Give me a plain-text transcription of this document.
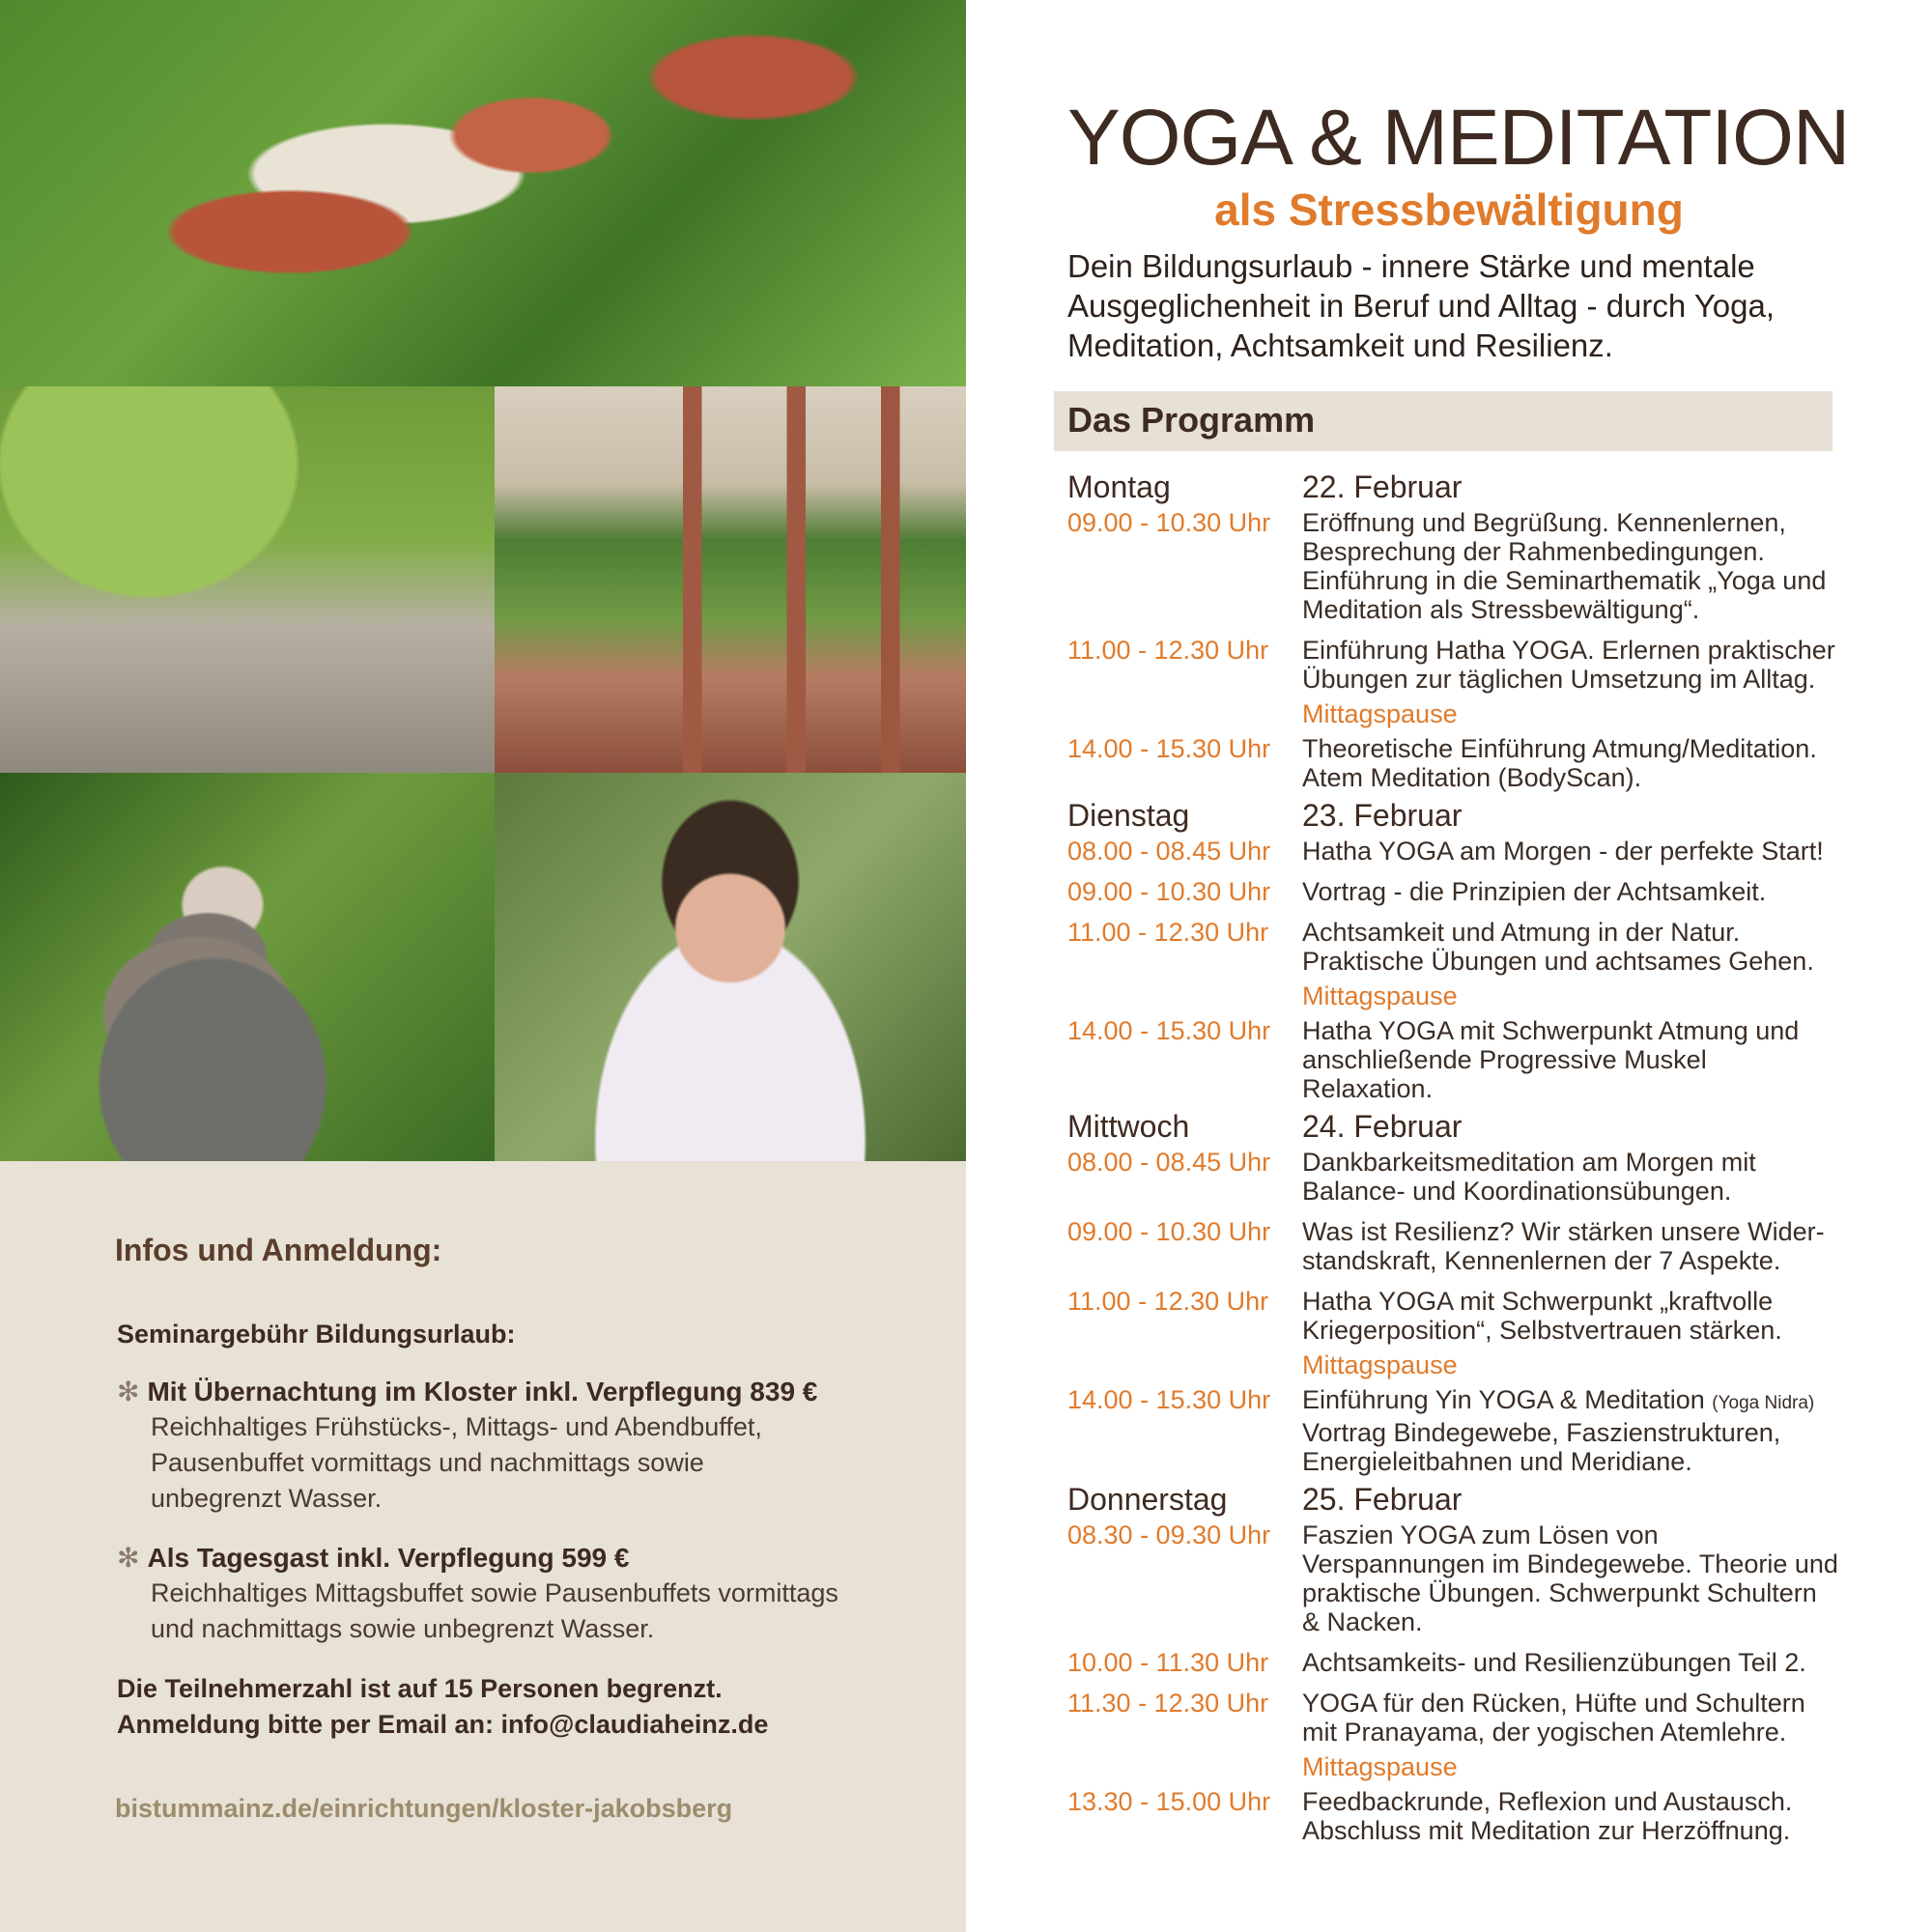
Infos und Anmeldung:
Seminargebühr Bildungsurlaub:
✻ Mit Übernachtung im Kloster inkl. Verpflegung 839 €
Reichhaltiges Frühstücks-, Mittags- und Abendbuffet,
Pausenbuffet vormittags und nachmittags sowie
unbegrenzt Wasser.
✻ Als Tagesgast inkl. Verpflegung 599 €
Reichhaltiges Mittagsbuffet sowie Pausenbuffets vormittags
und nachmittags sowie unbegrenzt Wasser.
Die Teilnehmerzahl ist auf 15 Personen begrenzt.
Anmeldung bitte per Email an: info@claudiaheinz.de
bistummainz.de/einrichtungen/kloster-jakobsberg
YOGA & MEDITATION
als Stressbewältigung

Dein Bildungsurlaub - innere Stärke und mentale Ausgeglichenheit in Beruf und Alltag - durch Yoga, Meditation, Achtsamkeit und Resilienz.

Das Programm
Montag	22. Februar
09.00 - 10.30 Uhr	Eröffnung und Begrüßung. Kennenlernen, Besprechung der Rahmenbedingungen. Einführung in die Seminarthematik „Yoga und Meditation als Stressbewältigung“.
11.00 - 12.30 Uhr	Einführung Hatha YOGA. Erlernen praktischer Übungen zur täglichen Umsetzung im Alltag.
Mittagspause
14.00 - 15.30 Uhr	Theoretische Einführung Atmung/Meditation. Atem Meditation (BodyScan).
Dienstag	23. Februar
08.00 - 08.45 Uhr	Hatha YOGA am Morgen - der perfekte Start!
09.00 - 10.30 Uhr	Vortrag - die Prinzipien der Achtsamkeit.
11.00 - 12.30 Uhr	Achtsamkeit und Atmung in der Natur. Praktische Übungen und achtsames Gehen.
Mittagspause
14.00 - 15.30 Uhr	Hatha YOGA mit Schwerpunkt Atmung und anschließende Progressive Muskel Relaxation.
Mittwoch	24. Februar
08.00 - 08.45 Uhr	Dankbarkeitsmeditation am Morgen mit Balance- und Koordinationsübungen.
09.00 - 10.30 Uhr	Was ist Resilienz? Wir stärken unsere Wider-standskraft, Kennenlernen der 7 Aspekte.
11.00 - 12.30 Uhr	Hatha YOGA mit Schwerpunkt „kraftvolle Kriegerposition“, Selbstvertrauen stärken.
Mittagspause
14.00 - 15.30 Uhr	Einführung Yin YOGA & Meditation (Yoga Nidra)
Vortrag Bindegewebe, Faszienstrukturen, Energieleitbahnen und Meridiane.
Donnerstag	25. Februar
08.30 - 09.30 Uhr	Faszien YOGA zum Lösen von Verspannungen im Bindegewebe. Theorie und praktische Übungen. Schwerpunkt Schultern & Nacken.
10.00 - 11.30 Uhr	Achtsamkeits- und Resilienzübungen Teil 2.
11.30 - 12.30 Uhr	YOGA für den Rücken, Hüfte und Schultern mit Pranayama, der yogischen Atemlehre.
Mittagspause
13.30 - 15.00 Uhr	Feedbackrunde, Reflexion und Austausch. Abschluss mit Meditation zur Herzöffnung.
